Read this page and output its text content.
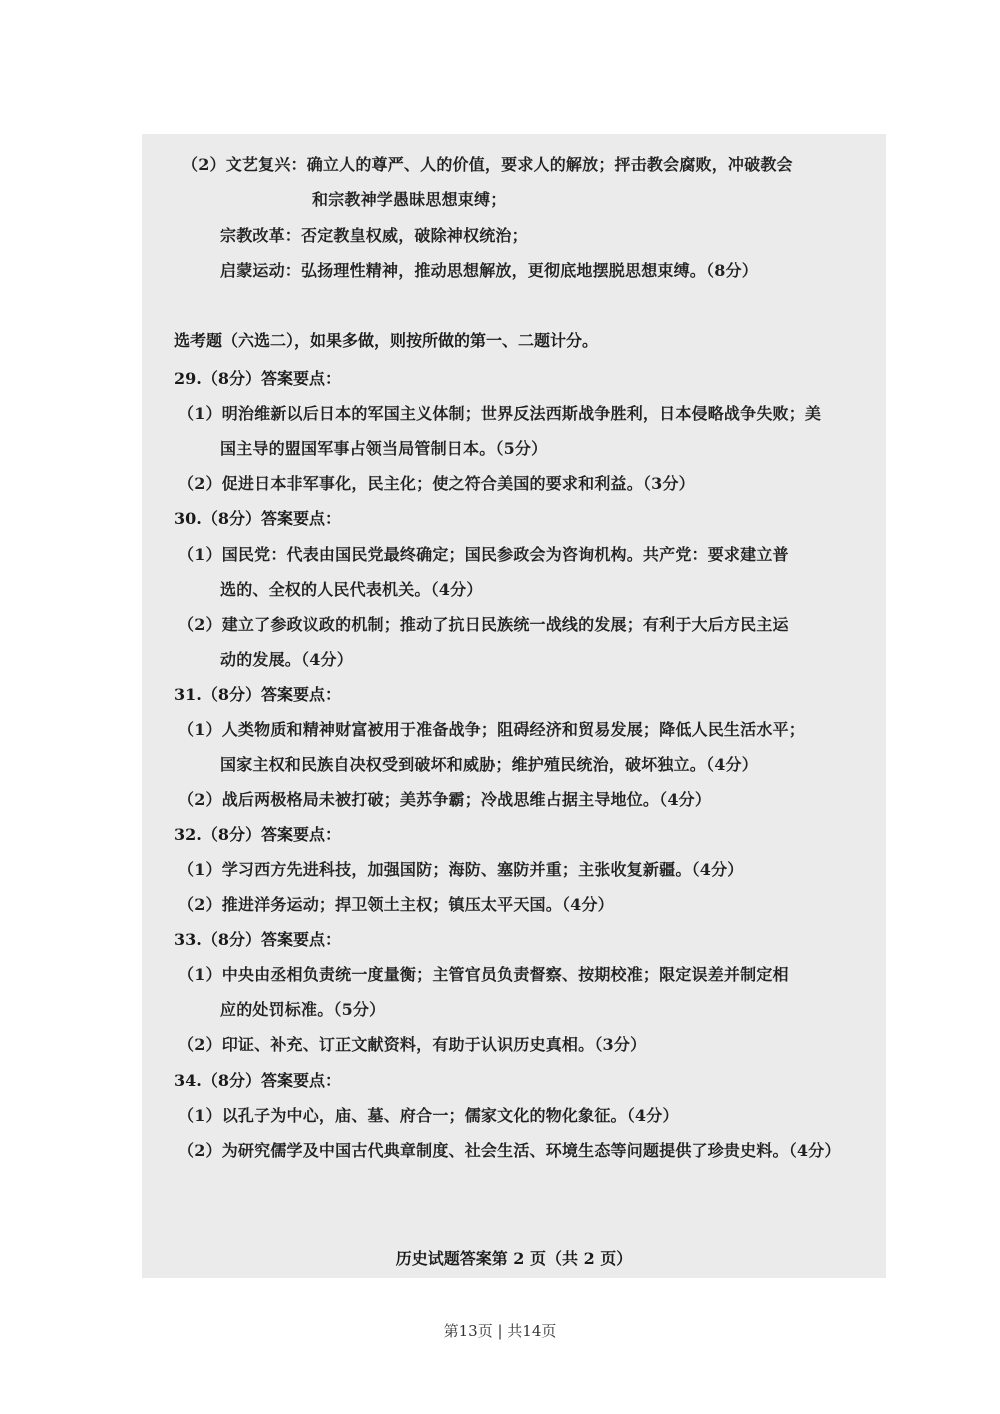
（2）文艺复兴：确立人的尊严、人的价值，要求人的解放；抨击教会腐败，冲破教会
和宗教神学愚昧思想束缚；
宗教改革：否定教皇权威，破除神权统治；
启蒙运动：弘扬理性精神，推动思想解放，更彻底地摆脱思想束缚。（8分）
选考题（六选二），如果多做，则按所做的第一、二题计分。
29.（8分）答案要点：
（1）明治维新以后日本的军国主义体制；世界反法西斯战争胜利，日本侵略战争失败；美
国主导的盟国军事占领当局管制日本。（5分）
（2）促进日本非军事化，民主化；使之符合美国的要求和利益。（3分）
30.（8分）答案要点：
（1）国民党：代表由国民党最终确定；国民参政会为咨询机构。共产党：要求建立普
选的、全权的人民代表机关。（4分）
（2）建立了参政议政的机制；推动了抗日民族统一战线的发展；有利于大后方民主运
动的发展。（4分）
31.（8分）答案要点：
（1）人类物质和精神财富被用于准备战争；阻碍经济和贸易发展；降低人民生活水平；
国家主权和民族自决权受到破坏和威胁；维护殖民统治，破坏独立。（4分）
（2）战后两极格局未被打破；美苏争霸；冷战思维占据主导地位。（4分）
32.（8分）答案要点：
（1）学习西方先进科技，加强国防；海防、塞防并重；主张收复新疆。（4分）
（2）推进洋务运动；捍卫领土主权；镇压太平天国。（4分）
33.（8分）答案要点：
（1）中央由丞相负责统一度量衡；主管官员负责督察、按期校准；限定误差并制定相
应的处罚标准。（5分）
（2）印证、补充、订正文献资料，有助于认识历史真相。（3分）
34.（8分）答案要点：
（1）以孔子为中心，庙、墓、府合一；儒家文化的物化象征。（4分）
（2）为研究儒学及中国古代典章制度、社会生活、环境生态等问题提供了珍贵史料。（4分）
历史试题答案第 2 页（共 2 页）
第13页 | 共14页
